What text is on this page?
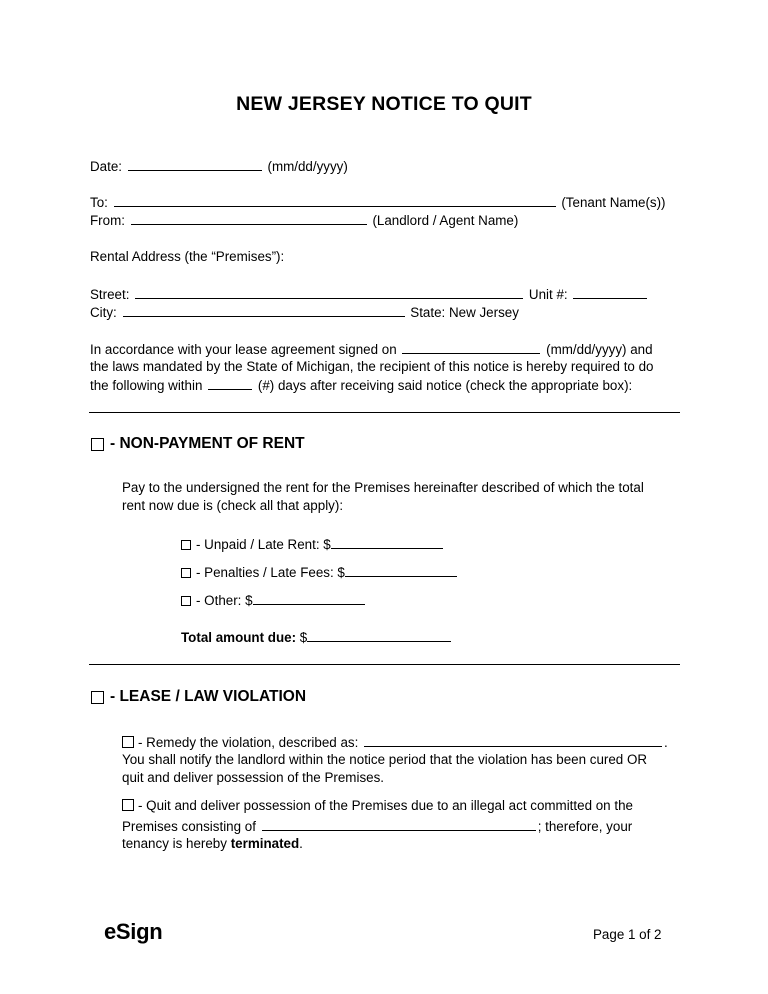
NEW JERSEY NOTICE TO QUIT
Date:	(mm/dd/yyyy)
To:	(Tenant Name(s))
From:	(Landlord / Agent Name)
Rental Address (the “Premises”):
Street:	Unit #:
City:	State: New Jersey
In accordance with your lease agreement signed on	(mm/dd/yyyy) and
the laws mandated by the State of Michigan, the recipient of this notice is hereby required to do
the following within	(#) days after receiving said notice (check the appropriate box):
- NON-PAYMENT OF RENT
Pay to the undersigned the rent for the Premises hereinafter described of which the total
rent now due is (check all that apply):
- Unpaid / Late Rent: $
- Penalties / Late Fees: $
- Other: $
Total amount due: $
- LEASE / LAW VIOLATION
- Remedy the violation, described as:	.
You shall notify the landlord within the notice period that the violation has been cured OR
quit and deliver possession of the Premises.
- Quit and deliver possession of the Premises due to an illegal act committed on the
Premises consisting of	; therefore, your
tenancy is hereby terminated.
eSign	Page 1 of 2
